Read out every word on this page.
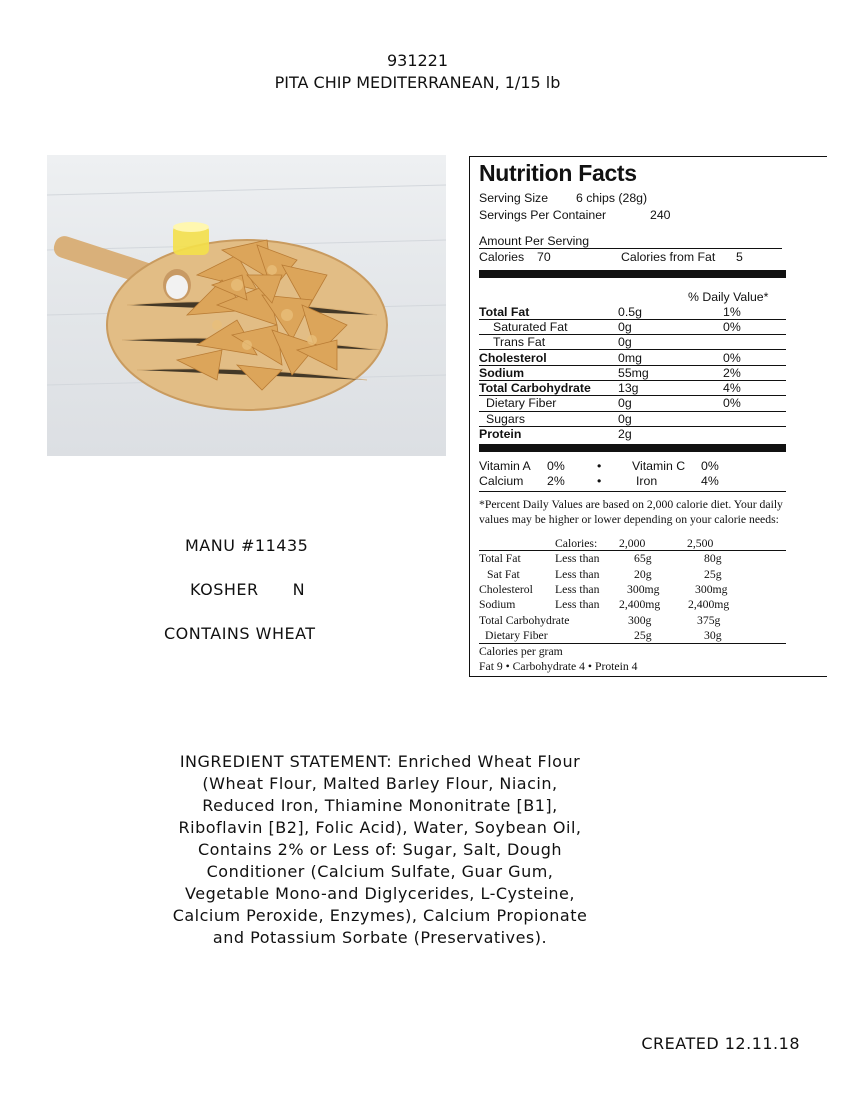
931221
PITA CHIP MEDITERRANEAN, 1/15 lb
MANU #11435
KOSHER N
CONTAINS WHEAT
Nutrition Facts
Serving Size 6 chips (28g)
Servings Per Container	240
Amount Per Serving
Calories 70	Calories from Fat 5
% Daily Value*
Total Fat	0.5g	1%
Saturated Fat	0g	0%
Trans Fat	0g
Cholesterol	0mg	0%
Sodium	55mg	2%
Total Carbohydrate 13g	4%
Dietary Fiber	0g	0%
Sugars	0g
Protein	2g
Vitamin A 0%	• Vitamin C 0%
Calcium 2%	•	Iron	4%
*Percent Daily Values are based on 2,000 calorie diet. Your daily
values may be higher or lower depending on your calorie needs:
Calories: 2,000	2,500
Total Fat	Less than	65g	80g
Sat Fat	Less than	20g	25g
Cholesterol Less than 300mg	300mg
Sodium	Less than 2,400mg 2,400mg
Total Carbohydrate	300g	375g
Dietary Fiber	25g	30g
Calories per gram
Fat 9 • Carbohydrate 4 • Protein 4
INGREDIENT STATEMENT: Enriched Wheat Flour (Wheat Flour, Malted Barley Flour, Niacin, Reduced Iron, Thiamine Mononitrate [B1], Riboflavin [B2], Folic Acid), Water, Soybean Oil, Contains 2% or Less of: Sugar, Salt, Dough Conditioner (Calcium Sulfate, Guar Gum, Vegetable Mono-and Diglycerides, L-Cysteine, Calcium Peroxide, Enzymes), Calcium Propionate and Potassium Sorbate (Preservatives).
CREATED 12.11.18
